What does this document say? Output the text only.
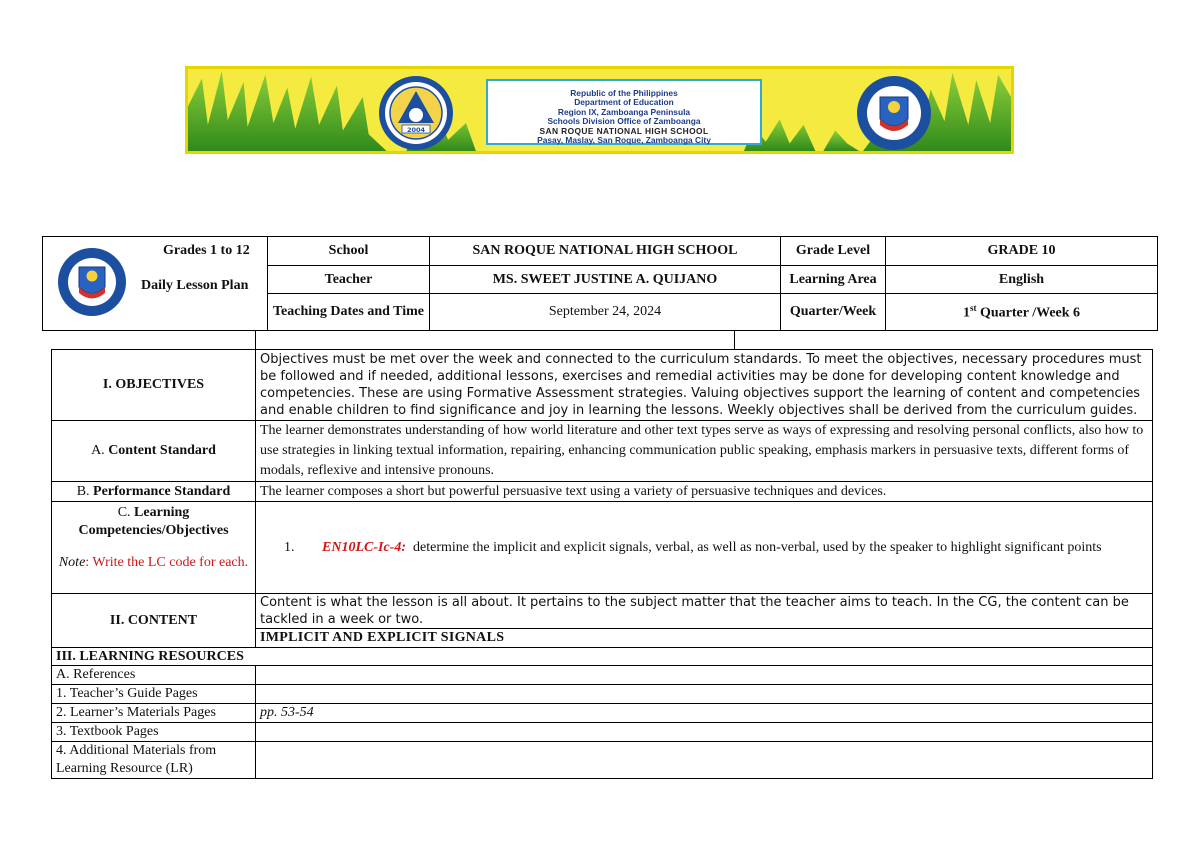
2004
Republic of the Philippines
Department of Education
Region IX, Zamboanga Peninsula
Schools Division Office of Zamboanga
SAN ROQUE NATIONAL HIGH SCHOOL
Pasay, Maslay, San Roque, Zamboanga City
Grades 1 to 12
Daily Lesson Plan	School	SAN ROQUE NATIONAL HIGH SCHOOL	Grade Level	GRADE 10
	Teacher	MS. SWEET JUSTINE A. QUIJANO	Learning Area	English
	Teaching Dates and Time	September 24, 2024	Quarter/Week	1st Quarter /Week 6
I. OBJECTIVES	Objectives must be met over the week and connected to the curriculum standards. To meet the objectives, necessary procedures must be followed and if needed, additional lessons, exercises and remedial activities may be done for developing content knowledge and competencies. These are using Formative Assessment strategies. Valuing objectives support the learning of content and competencies and enable children to find significance and joy in learning the lessons. Weekly objectives shall be derived from the curriculum guides.
A. Content Standard	The learner demonstrates understanding of how world literature and other text types serve as ways of expressing and resolving personal conflicts, also how to use strategies in linking textual information, repairing, enhancing communication public speaking, emphasis markers in persuasive texts, different forms of modals, reflexive and intensive pronouns.
B. Performance Standard	The learner composes a short but powerful persuasive text using a variety of persuasive techniques and devices.

C. Learning Competencies/Objectives
Note: Write the LC code for each.	1. EN10LC-Ic-4: determine the implicit and explicit signals, verbal, as well as non-verbal, used by the speaker to highlight significant points
II. CONTENT	Content is what the lesson is all about. It pertains to the subject matter that the teacher aims to teach. In the CG, the content can be tackled in a week or two.
	IMPLICIT AND EXPLICIT SIGNALS
III. LEARNING RESOURCES	
A. References	
1. Teacher’s Guide Pages	
2. Learner’s Materials Pages	pp. 53-54
3. Textbook Pages	

4. Additional Materials from
Learning Resource (LR)	
